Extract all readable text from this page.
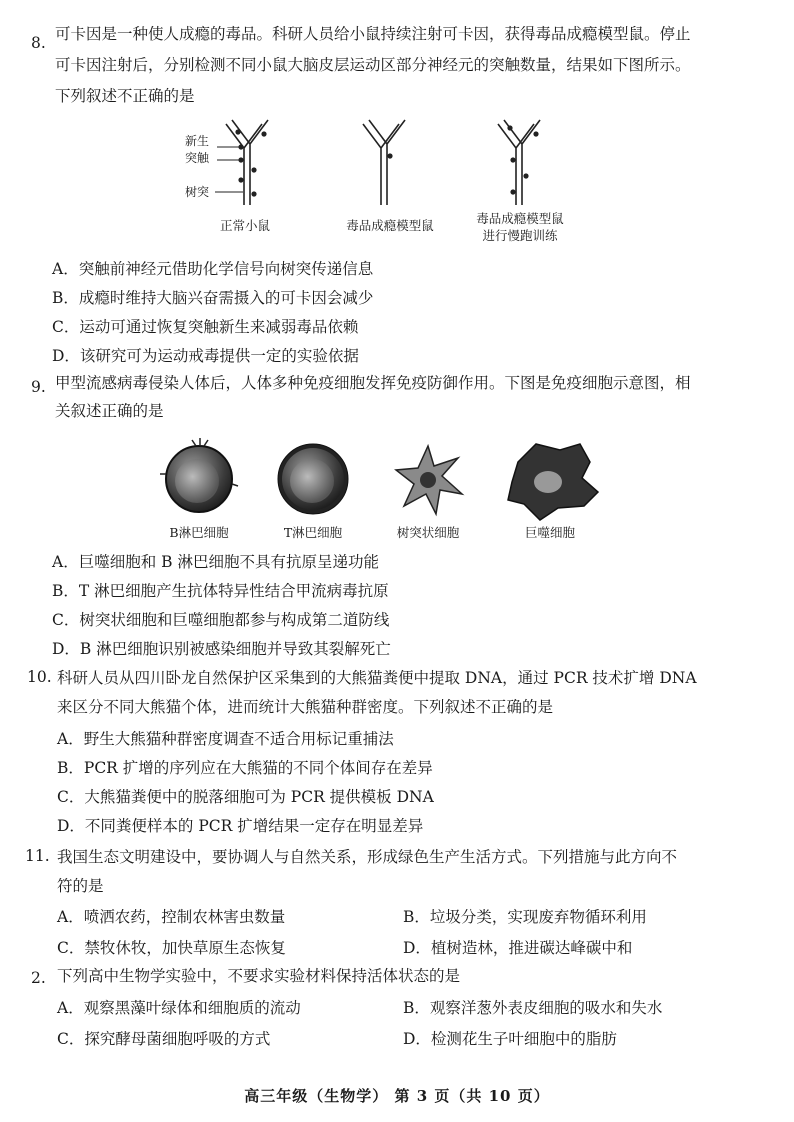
8. 可卡因是一种使人成瘾的毒品。科研人员给小鼠持续注射可卡因，获得毒品成瘾模型鼠。停止
可卡因注射后，分别检测不同小鼠大脑皮层运动区部分神经元的突触数量，结果如下图所示。
下列叙述不正确的是
新生
突触
树突
正常小鼠	毒品成瘾模型鼠	毒品成瘾模型鼠
进行慢跑训练
A．突触前神经元借助化学信号向树突传递信息
B．成瘾时维持大脑兴奋需摄入的可卡因会减少
C．运动可通过恢复突触新生来减弱毒品依赖
D．该研究可为运动戒毒提供一定的实验依据
9. 甲型流感病毒侵染人体后，人体多种免疫细胞发挥免疫防御作用。下图是免疫细胞示意图，相
关叙述正确的是
B淋巴细胞	T淋巴细胞	树突状细胞	巨噬细胞
A．巨噬细胞和 B 淋巴细胞不具有抗原呈递功能
B．T 淋巴细胞产生抗体特异性结合甲流病毒抗原
C．树突状细胞和巨噬细胞都参与构成第二道防线
D．B 淋巴细胞识别被感染细胞并导致其裂解死亡
10. 科研人员从四川卧龙自然保护区采集到的大熊猫粪便中提取 DNA，通过 PCR 技术扩增 DNA
来区分不同大熊猫个体，进而统计大熊猫种群密度。下列叙述不正确的是
A．野生大熊猫种群密度调查不适合用标记重捕法
B．PCR 扩增的序列应在大熊猫的不同个体间存在差异
C．大熊猫粪便中的脱落细胞可为 PCR 提供模板 DNA
D．不同粪便样本的 PCR 扩增结果一定存在明显差异
11. 我国生态文明建设中，要协调人与自然关系，形成绿色生产生活方式。下列措施与此方向不
符的是
A．喷洒农药，控制农林害虫数量	B．垃圾分类，实现废弃物循环利用
C．禁牧休牧，加快草原生态恢复	D．植树造林，推进碳达峰碳中和
2. 下列高中生物学实验中，不要求实验材料保持活体状态的是
A．观察黑藻叶绿体和细胞质的流动	B．观察洋葱外表皮细胞的吸水和失水
C．探究酵母菌细胞呼吸的方式	D．检测花生子叶细胞中的脂肪
高三年级（生物学） 第 3 页（共 10 页）
